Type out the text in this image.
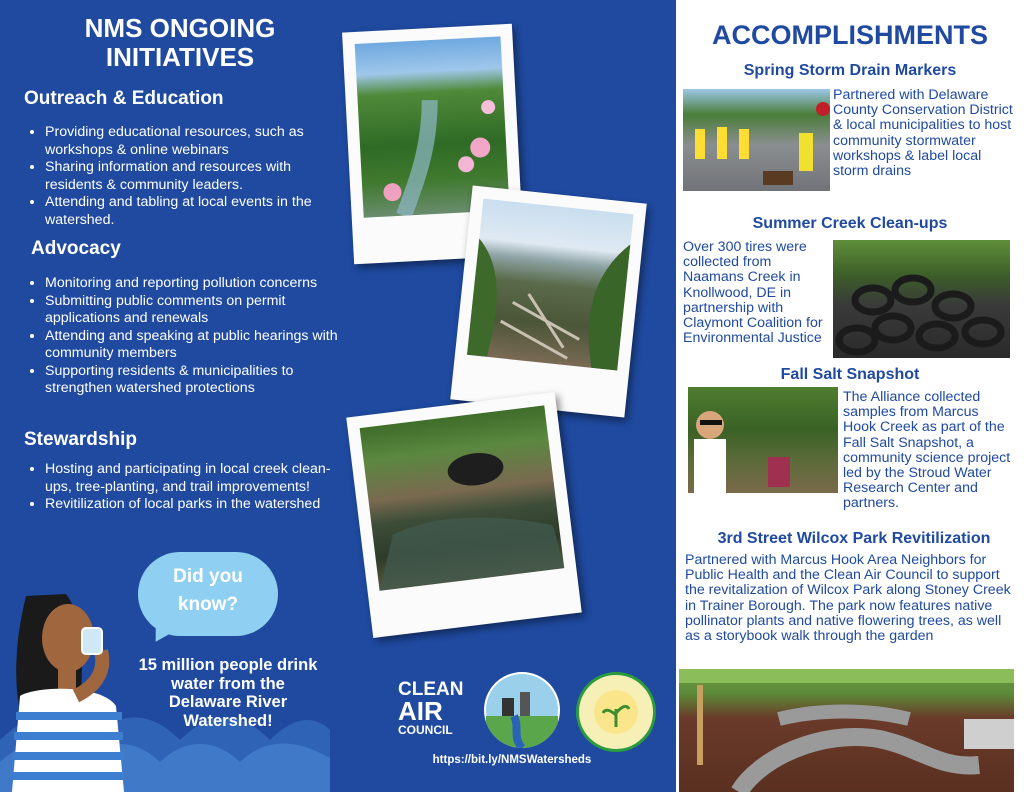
NMS ONGOING INITIATIVES
Outreach & Education
• Providing educational resources, such as workshops & online webinars
• Sharing information and resources with residents & community leaders.
• Attending and tabling at local events in the watershed.
Advocacy
• Monitoring and reporting pollution concerns
• Submitting public comments on permit applications and renewals
• Attending and speaking at public hearings with community members
• Supporting residents & municipalities to strengthen watershed protections
Stewardship
• Hosting and participating in local creek clean-ups, tree-planting, and trail improvements!
• Revitilization of local parks in the watershed
Did you
know?
15 million people drink water from the Delaware River Watershed!
CLEAN
AIR
COUNCIL
https://bit.ly/NMSWatersheds
ACCOMPLISHMENTS
Spring Storm Drain Markers
Partnered with Delaware County Conservation District & local municipalities to host community stormwater workshops & label local storm drains
Summer Creek Clean-ups
Over 300 tires were collected from Naamans Creek in Knollwood, DE in partnership with Claymont Coalition for Environmental Justice
Fall Salt Snapshot
The Alliance collected samples from Marcus Hook Creek as part of the Fall Salt Snapshot, a community science project led by the Stroud Water Research Center and partners.
3rd Street Wilcox Park Revitilization
Partnered with Marcus Hook Area Neighbors for Public Health and the Clean Air Council to support the revitalization of Wilcox Park along Stoney Creek in Trainer Borough. The park now features native pollinator plants and native flowering trees, as well as a storybook walk through the garden
